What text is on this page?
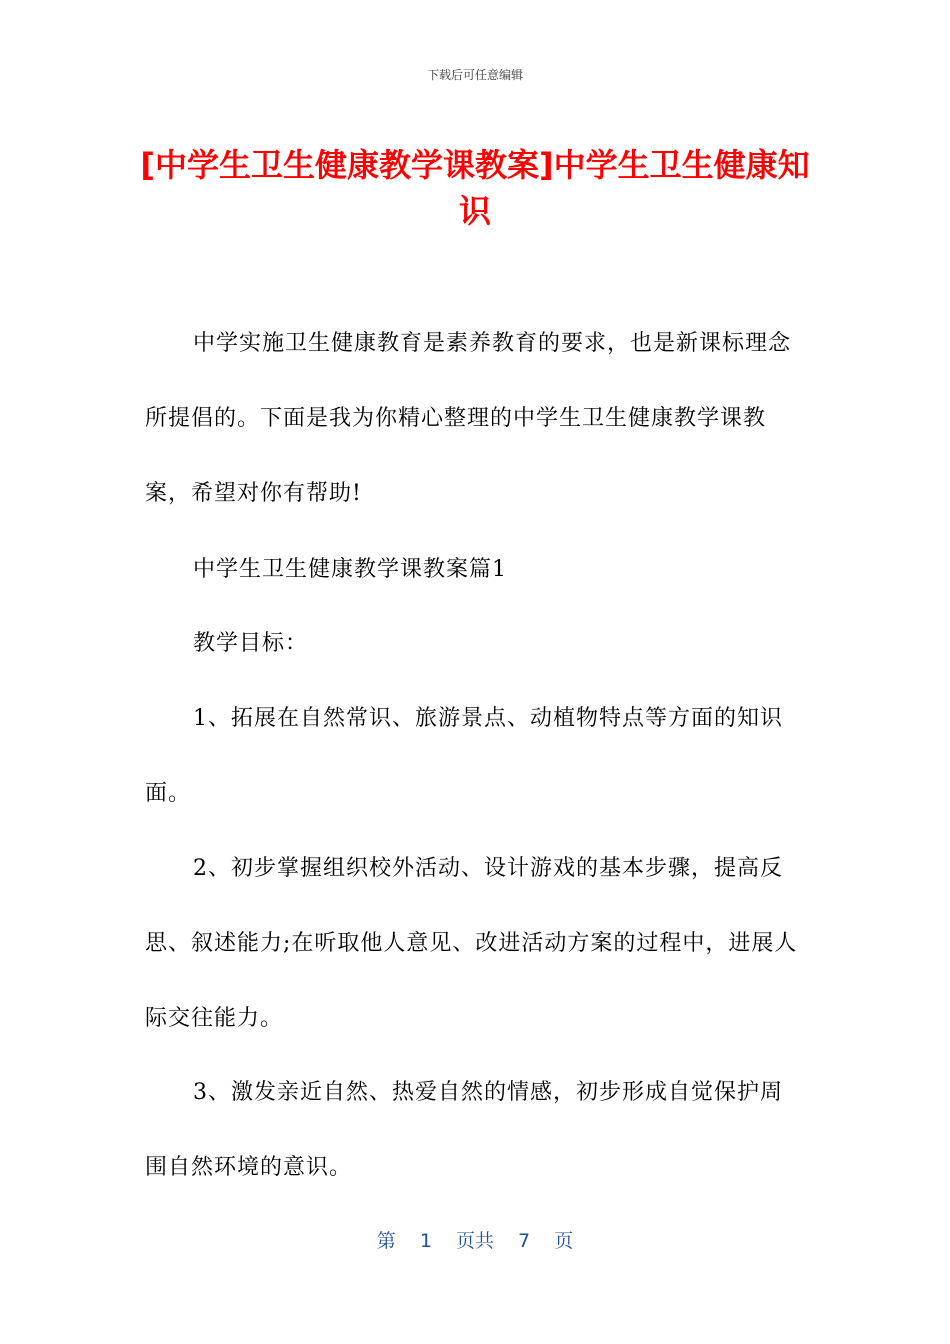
下载后可任意编辑
[中学生卫生健康教学课教案]中学生卫生健康知识

中学实施卫生健康教育是素养教育的要求，也是新课标理念所提倡的。下面是我为你精心整理的中学生卫生健康教学课教案，希望对你有帮助!

中学生卫生健康教学课教案篇1

教学目标：

1、拓展在自然常识、旅游景点、动植物特点等方面的知识面。

2、初步掌握组织校外活动、设计游戏的基本步骤，提高反思、叙述能力;在听取他人意见、改进活动方案的过程中，进展人际交往能力。

3、激发亲近自然、热爱自然的情感，初步形成自觉保护周围自然环境的意识。

第 1 页共 7 页
